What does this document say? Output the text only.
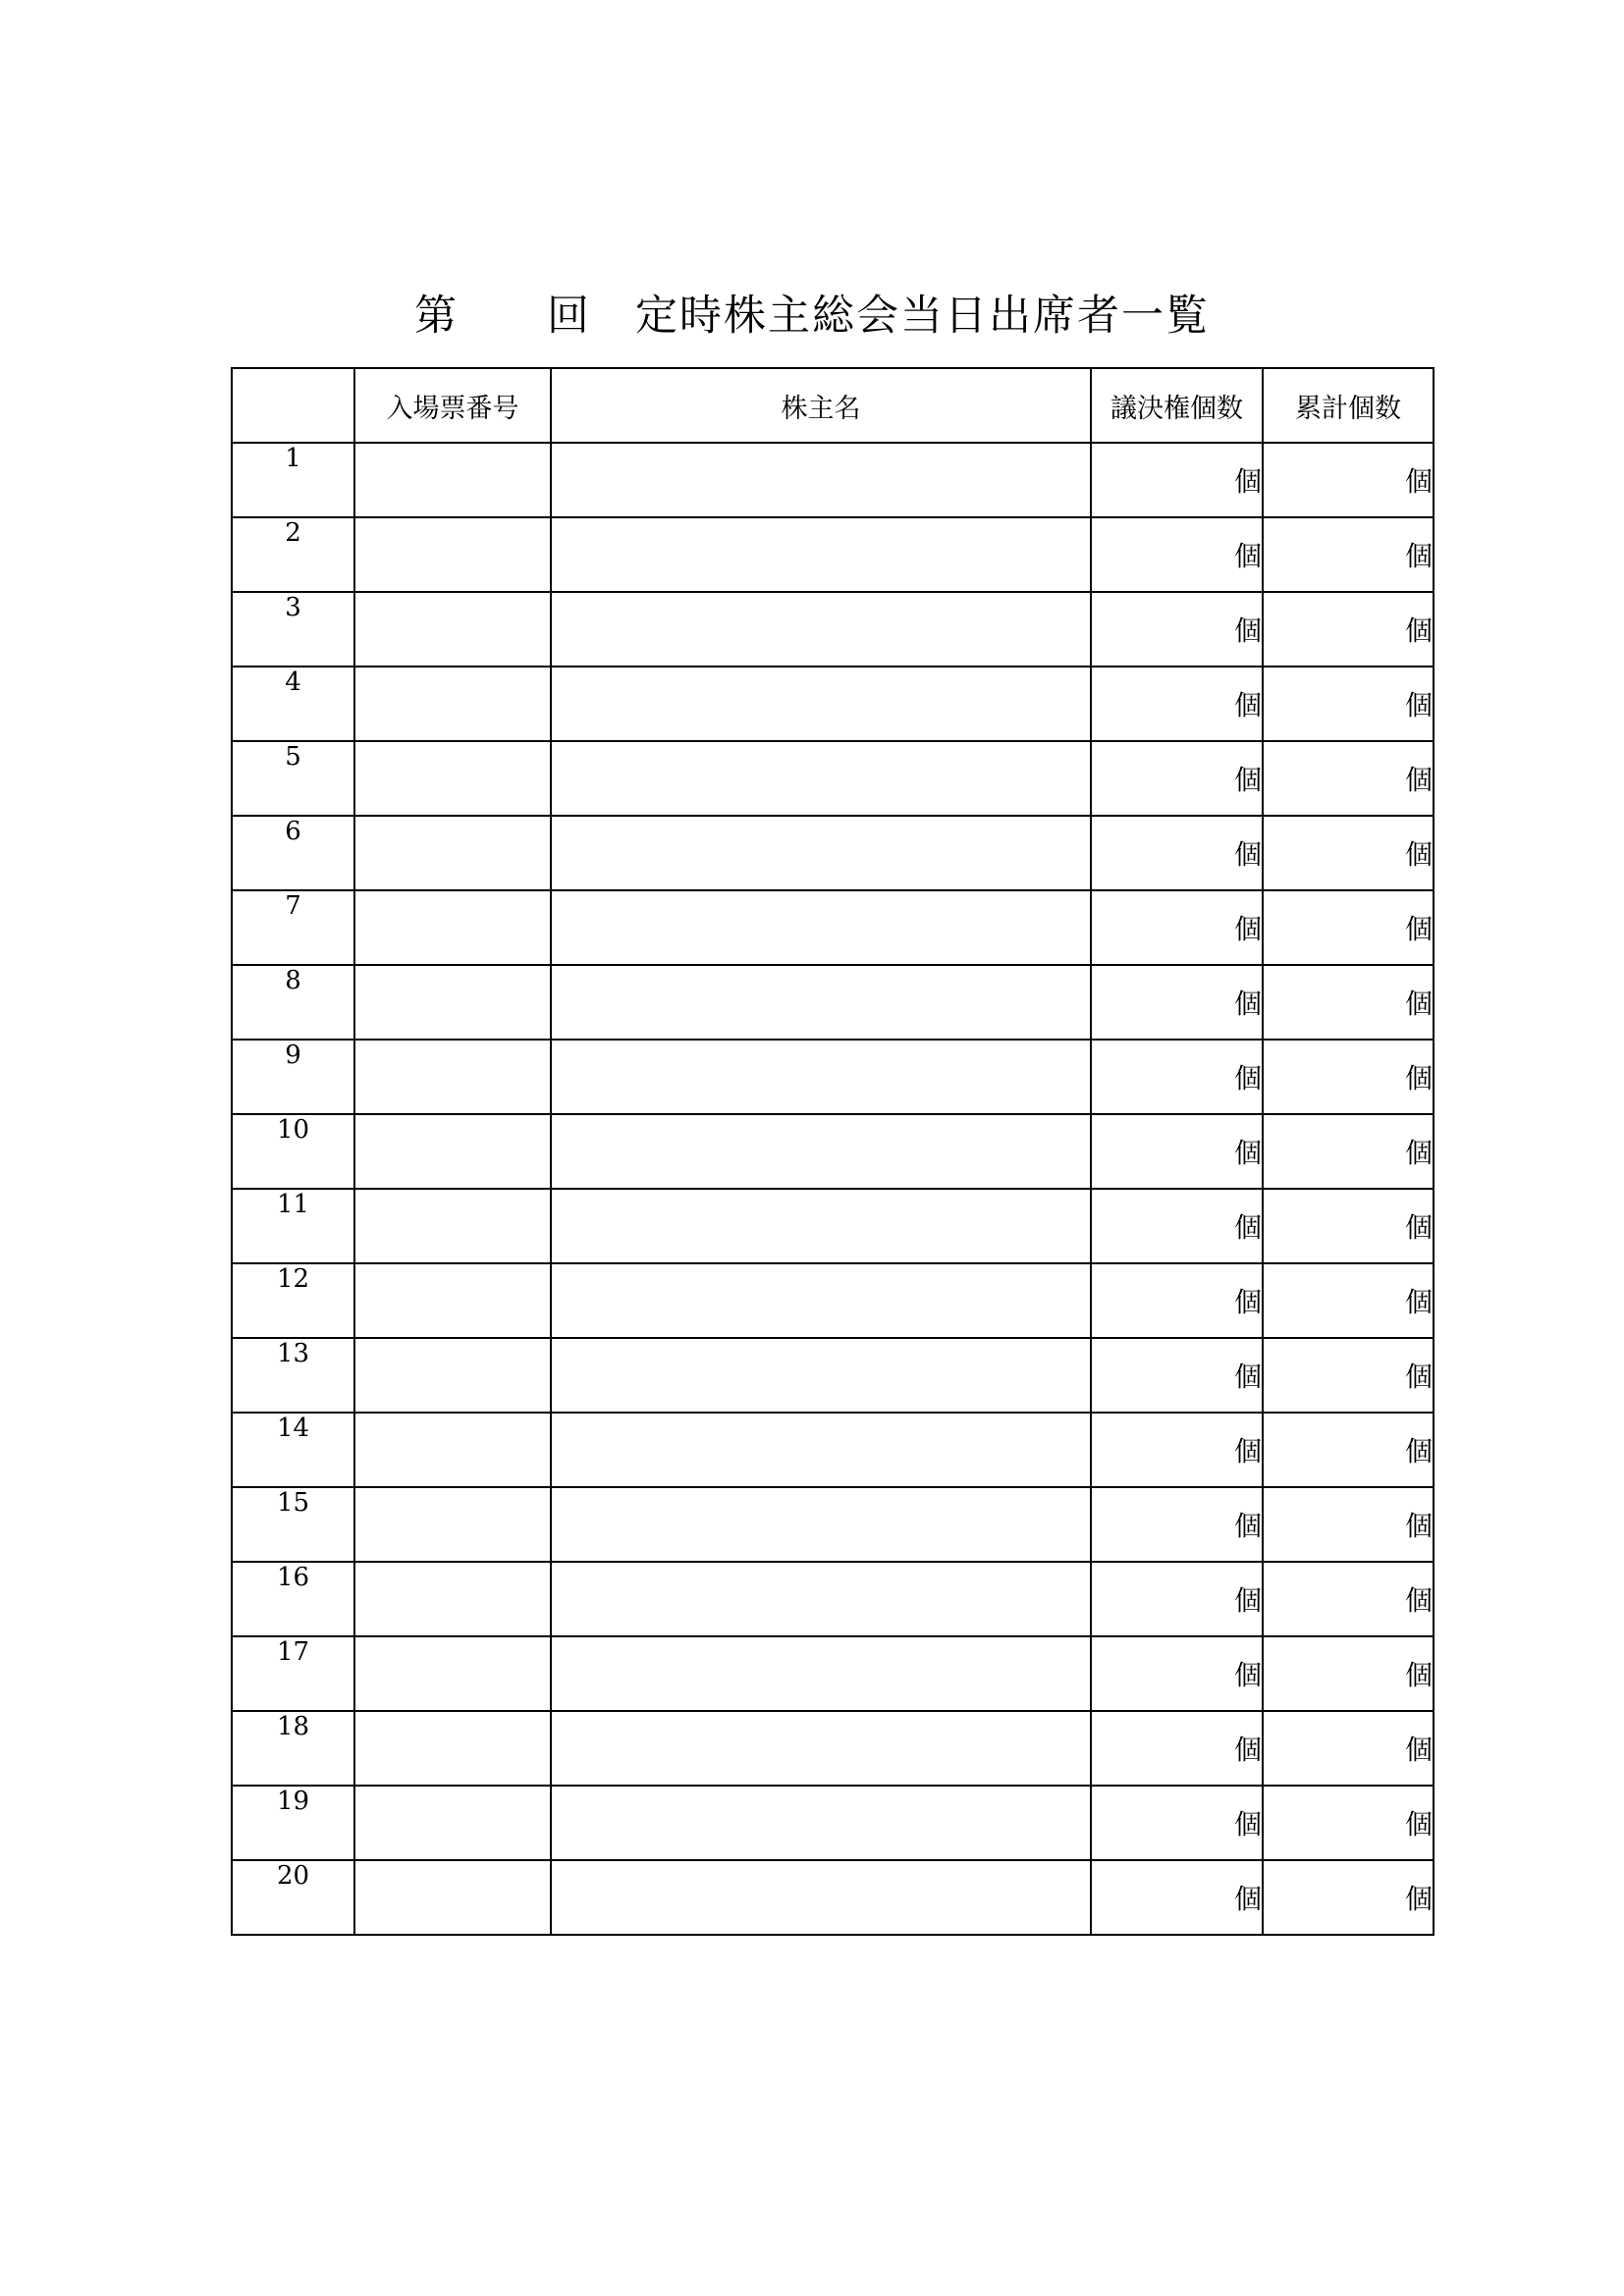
第　　回　定時株主総会当日出席者一覧
	入場票番号	株主名	議決権個数	累計個数
1			個	個
2			個	個
3			個	個
4			個	個
5			個	個
6			個	個
7			個	個
8			個	個
9			個	個
10			個	個
11			個	個
12			個	個
13			個	個
14			個	個
15			個	個
16			個	個
17			個	個
18			個	個
19			個	個
20			個	個
